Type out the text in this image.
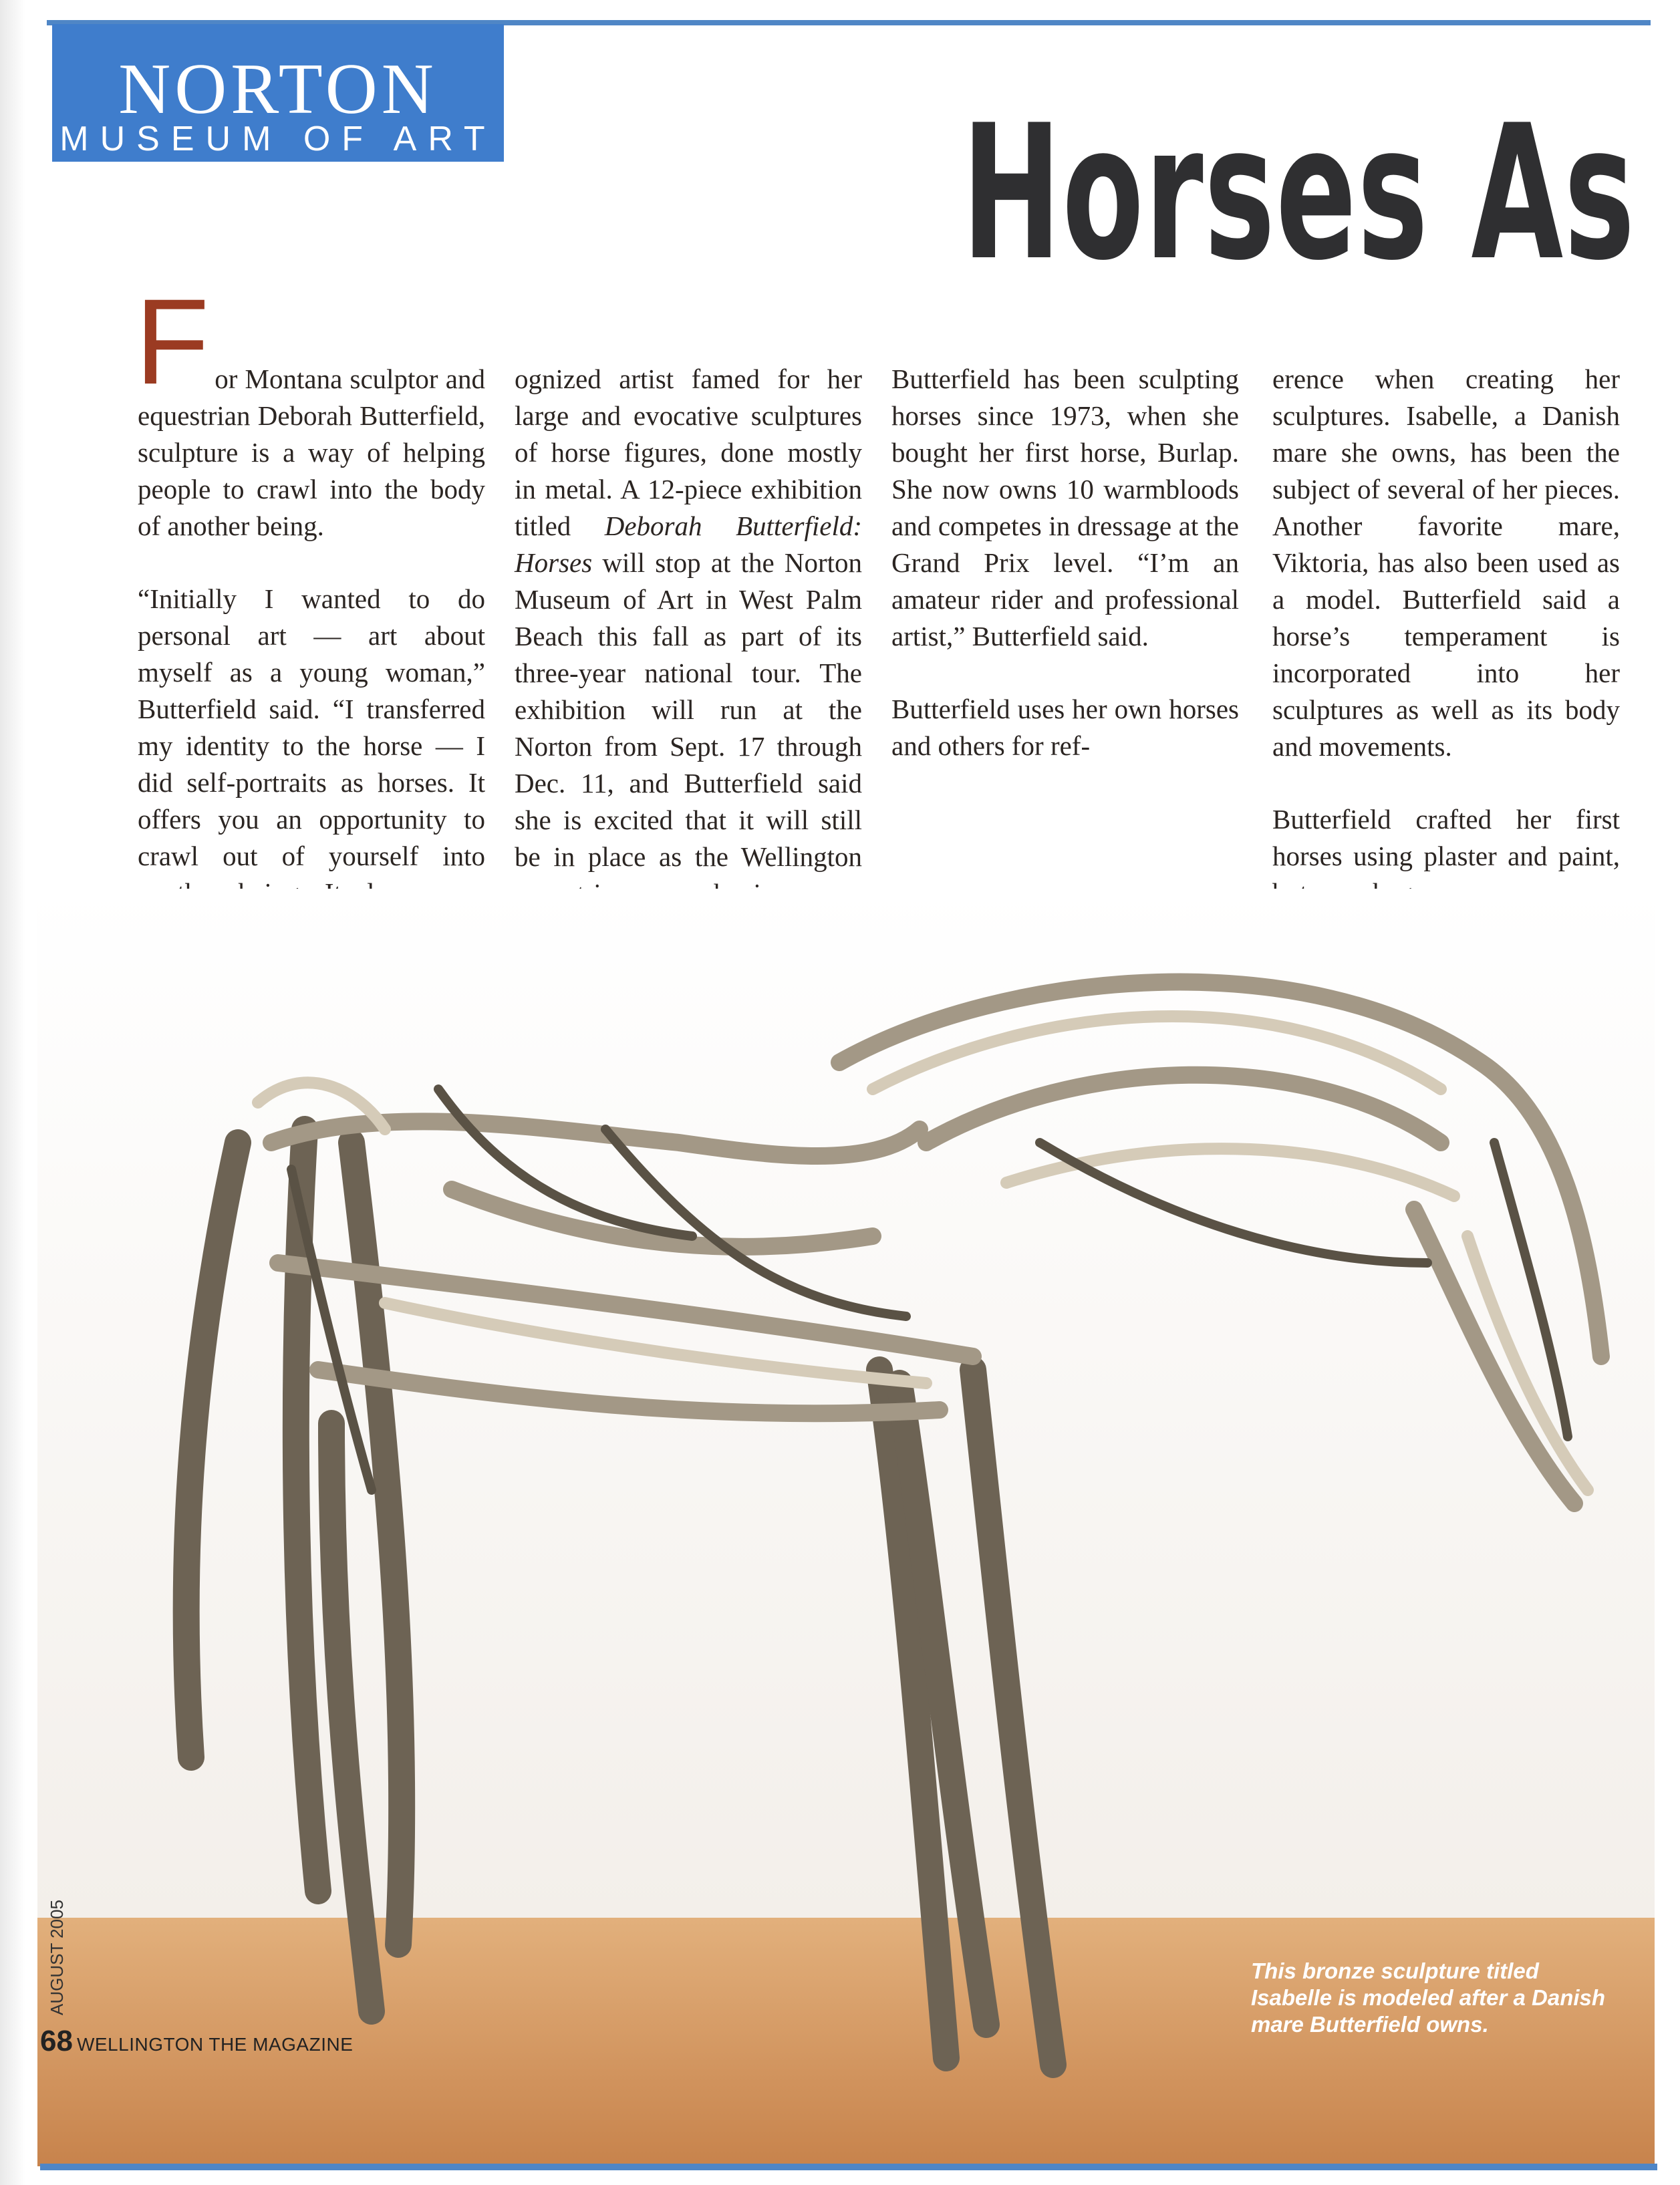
NORTON
MUSEUM OF ART	Horses As

For Montana sculptor and equestrian Deborah Butterfield, sculpture is a way of helping people to crawl into the body of another being.

“Initially I wanted to do personal art — art about myself as a young woman,” Butterfield said. “I transferred my identity to the horse — I did self-portraits as horses. It offers you an opportunity to crawl out of yourself into

ognized artist famed for her large and evocative sculptures of horse figures, done mostly in metal. A 12-piece exhibition titled Deborah Butterfield: Horses will stop at the Norton Museum of Art in West Palm Beach this fall as part of its three-year national tour. The exhibition will run at the Norton from Sept. 17 through Dec. 11, and Butterfield said she is excited that it will still be in place as the Wellington

Butterfield has been sculpting horses since 1973, when she bought her first horse, Burlap. She now owns 10 warmbloods and competes in dressage at the Grand Prix level. “I’m an amateur rider and professional artist,” Butterfield said.

Butterfield uses her own horses and others for ref-

erence when creating her sculptures. Isabelle, a Danish mare she owns, has been the subject of several of her pieces. Another favorite mare, Viktoria, has also been used as a model. Butterfield said a horse’s temperament is incorporated into her sculptures as well as its body and movements.

Butterfield crafted her first horses using plaster and paint,

This bronze sculpture titled Isabelle is modeled after a Danish mare Butterfield owns.
AUGUST 2005
68 WELLINGTON THE MAGAZINE
